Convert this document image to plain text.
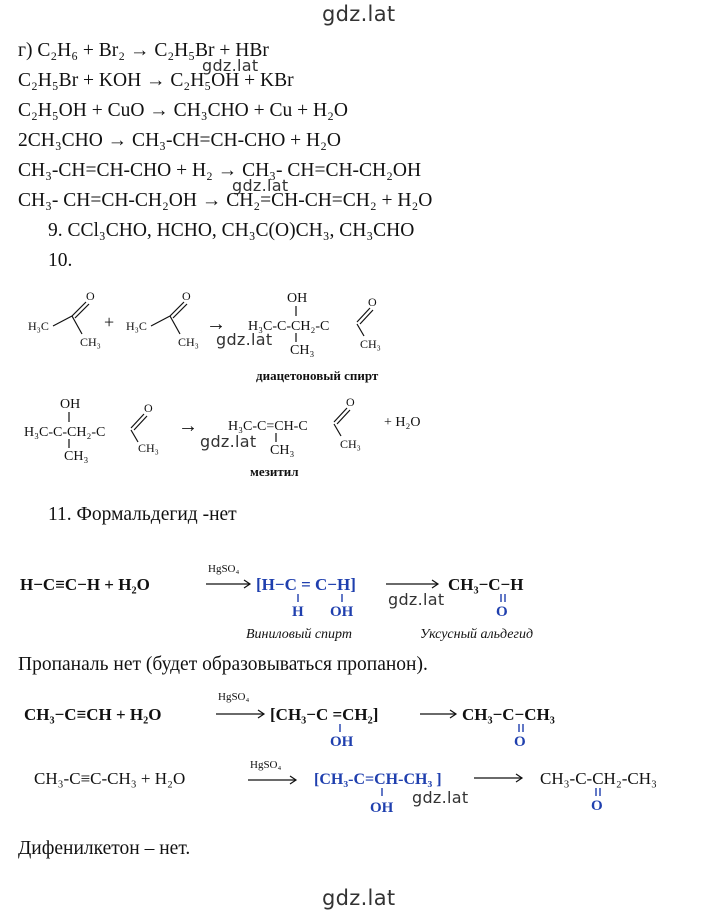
gdz.lat
gdz.lat
gdz.lat
г) C₂H₆ + Br₂ → C₂H₅Br + HBr
C₂H₅Br + KOH → C₂H₅OH + KBr
C₂H₅OH + CuO → CH₃CHO + Cu + H₂O
2CH₃CHO → CH₃-CH=CH-CHO + H₂O
CH₃-CH=CH-CHO + H₂ → CH₃- CH=CH-CH₂OH
CH₃- CH=CH-CH₂OH → CH₂=CH-CH=CH₂ + H₂O
9. CCl₃CHO, HCHO, CH₃C(O)CH₃, CH₃CHO
10.
H₃C
O
CH₃
+ H₃C
O
CH₃
→
OH
H₃C-C-CH₂-C
CH₃
O
CH₃
диацетоновый спирт
gdz.lat
OH
H₃C-C-CH₂-C
CH₃
O
CH₃
→ H₃C-C=CH-C
CH₃
O
CH₃
+ H₂O
мезитил
gdz.lat
11. Формальдегид -нет
H−C≡C−H + H₂O
HgSO₄
[H−C = C−H]
H OH
CH₃−C−H
O
Виниловый спирт	Уксусный альдегид
gdz.lat
Пропаналь нет (будет образовываться пропанон).
CH₃−C≡CH + H₂O
HgSO₄
[CH₃−C =CH₂]
OH
CH₃−C−CH₃
O
CH₃-C≡C-CH₃ + H₂O
HgSO₄
[CH₃-C=CH-CH₃ ]
OH
CH₃-C-CH₂-CH₃
O
gdz.lat
Дифенилкетон – нет.
gdz.lat
